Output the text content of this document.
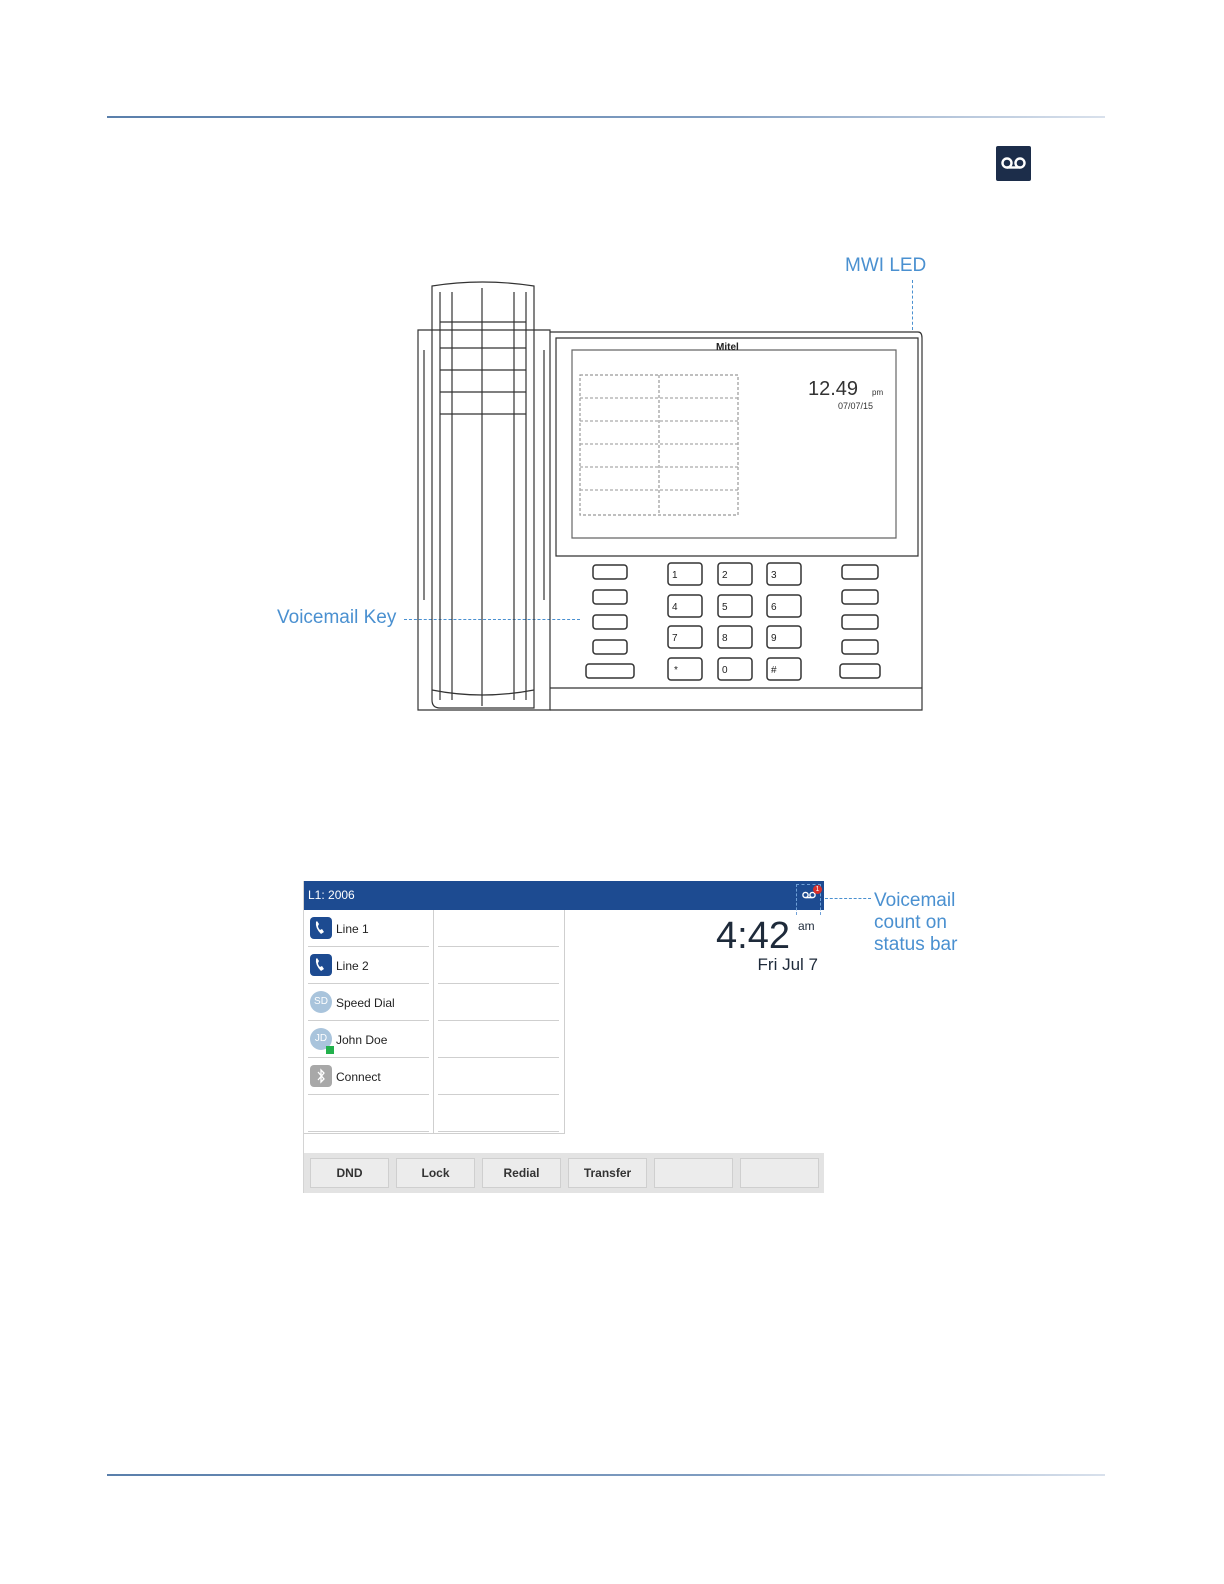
MWI LED
Voicemail Key
Mitel
12.49 pm
07/07/15
1	2	3
4	5	6
7	8	9
*	0	#
L1: 2006	1
Line 1
Line 2
SD Speed Dial
JD John Doe
Connect
4:42 am
Fri Jul 7
DND	Lock	Redial	Transfer
Voicemail count on status bar
